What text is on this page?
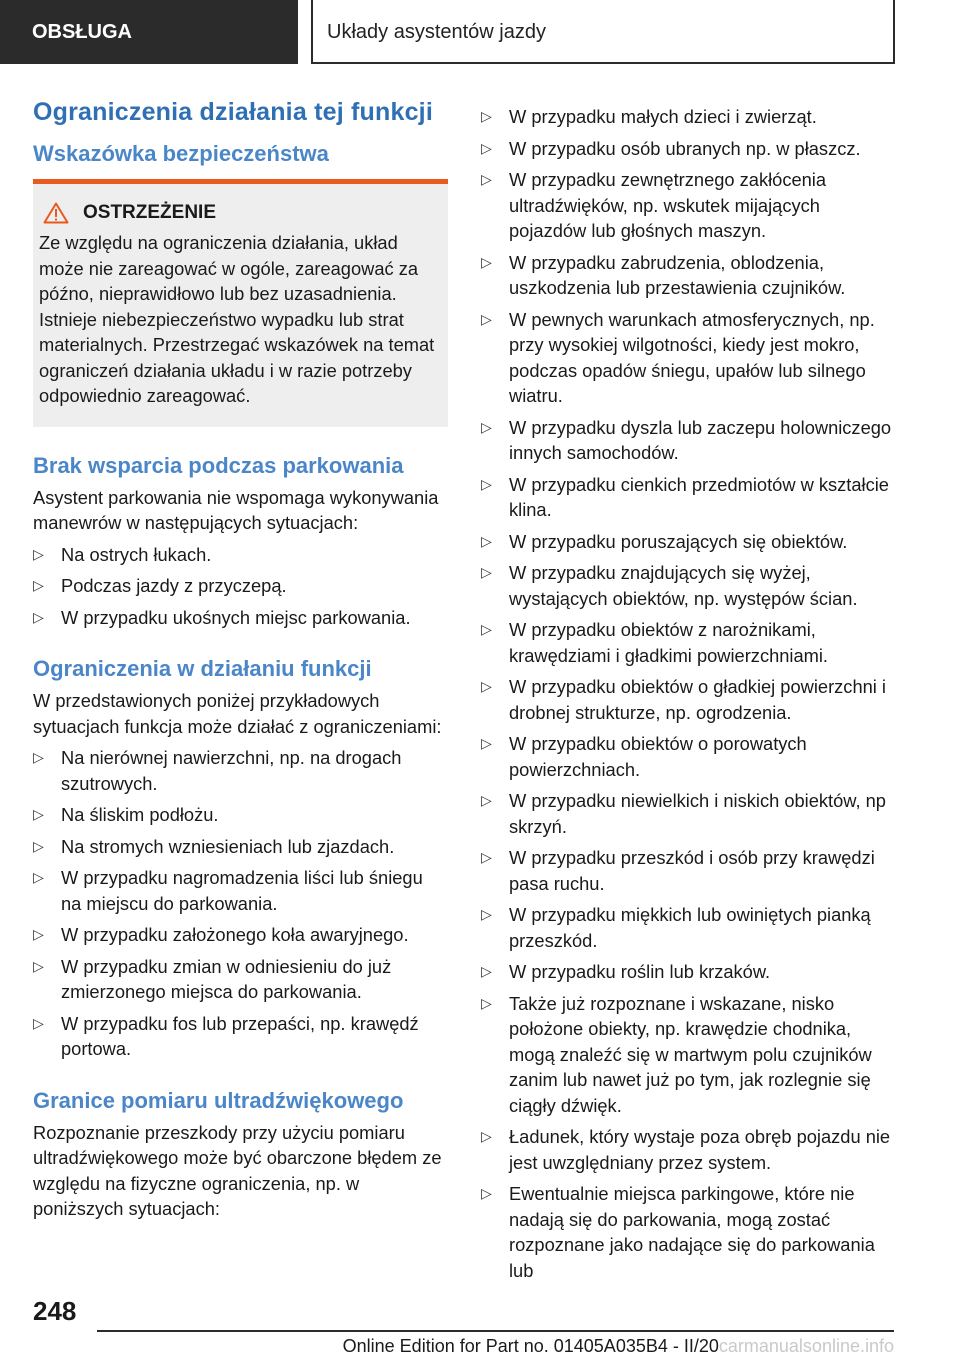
OBSŁUGA	Układy asystentów jazdy
Ograniczenia działania tej funkcji
Wskazówka bezpieczeństwa
OSTRZEŻENIE
Ze względu na ograniczenia działania, układ może nie zareagować w ogóle, zareagować za późno, nieprawidłowo lub bez uzasadnienia. Istnieje niebezpieczeństwo wypadku lub strat materialnych. Przestrzegać wskazówek na temat ograniczeń działania układu i w razie potrzeby odpowiednio zareagować.
Brak wsparcia podczas parkowania

Asystent parkowania nie wspomaga wykonywania manewrów w następujących sytuacjach:

▷ Na ostrych łukach.
▷ Podczas jazdy z przyczepą.
▷ W przypadku ukośnych miejsc parkowania.
Ograniczenia w działaniu funkcji

W przedstawionych poniżej przykładowych sytuacjach funkcja może działać z ograniczeniami:

▷ Na nierównej nawierzchni, np. na drogach szutrowych.
▷ Na śliskim podłożu.
▷ Na stromych wzniesieniach lub zjazdach.
▷ W przypadku nagromadzenia liści lub śniegu na miejscu do parkowania.
▷ W przypadku założonego koła awaryjnego.
▷ W przypadku zmian w odniesieniu do już zmierzonego miejsca do parkowania.
▷ W przypadku fos lub przepaści, np. krawędź portowa.
Granice pomiaru ultradźwiękowego

Rozpoznanie przeszkody przy użyciu pomiaru ultradźwiękowego może być obarczone błędem ze względu na fizyczne ograniczenia, np. w poniższych sytuacjach:

▷ W przypadku małych dzieci i zwierząt.
▷ W przypadku osób ubranych np. w płaszcz.
▷ W przypadku zewnętrznego zakłócenia ultradźwięków, np. wskutek mijających pojazdów lub głośnych maszyn.
▷ W przypadku zabrudzenia, oblodzenia, uszkodzenia lub przestawienia czujników.
▷ W pewnych warunkach atmosferycznych, np. przy wysokiej wilgotności, kiedy jest mokro, podczas opadów śniegu, upałów lub silnego wiatru.
▷ W przypadku dyszla lub zaczepu holowniczego innych samochodów.
▷ W przypadku cienkich przedmiotów w kształcie klina.
▷ W przypadku poruszających się obiektów.
▷ W przypadku znajdujących się wyżej, wystających obiektów, np. występów ścian.
▷ W przypadku obiektów z narożnikami, krawędziami i gładkimi powierzchniami.
▷ W przypadku obiektów o gładkiej powierzchni i drobnej strukturze, np. ogrodzenia.
▷ W przypadku obiektów o porowatych powierzchniach.
▷ W przypadku niewielkich i niskich obiektów, np skrzyń.
▷ W przypadku przeszkód i osób przy krawędzi pasa ruchu.
▷ W przypadku miękkich lub owiniętych pianką przeszkód.
▷ W przypadku roślin lub krzaków.
▷ Także już rozpoznane i wskazane, nisko położone obiekty, np. krawędzie chodnika, mogą znaleźć się w martwym polu czujników zanim lub nawet już po tym, jak rozlegnie się ciągły dźwięk.
▷ Ładunek, który wystaje poza obręb pojazdu nie jest uwzględniany przez system.
▷ Ewentualnie miejsca parkingowe, które nie nadają się do parkowania, mogą zostać rozpoznane jako nadające się do parkowania lub
248
Online Edition for Part no. 01405A035B4 - II/20carmanualsonline.info
